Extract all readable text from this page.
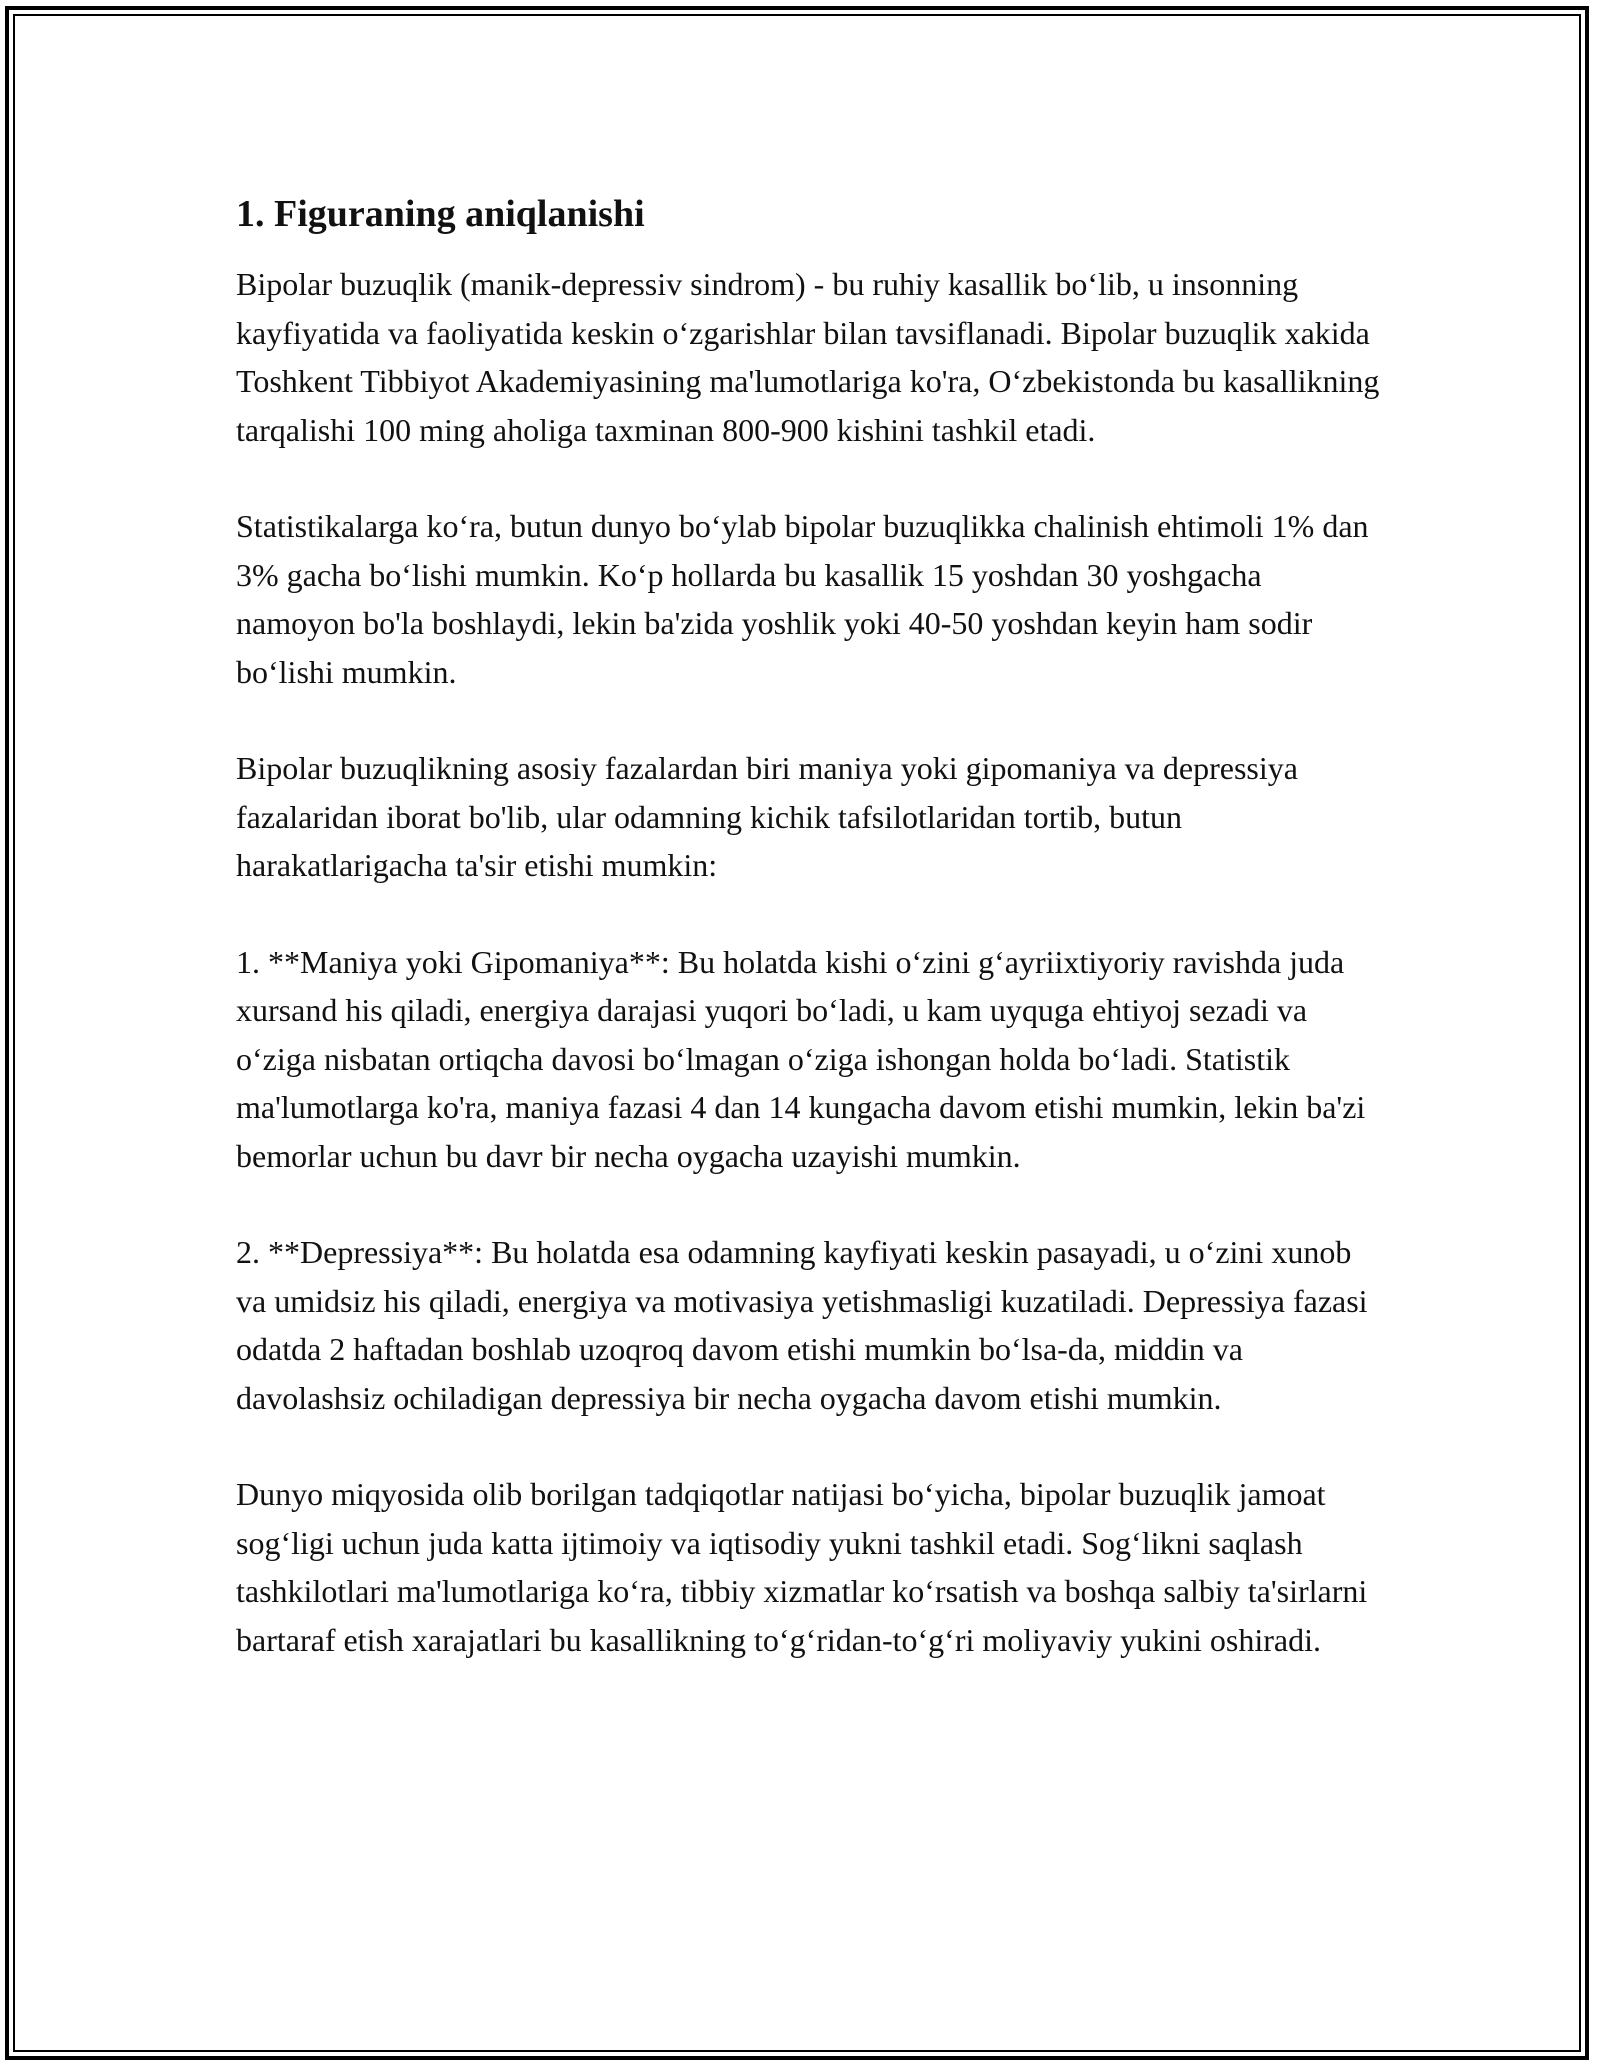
1. Figuraning aniqlanishi

Bipolar buzuqlik (manik-depressiv sindrom) - bu ruhiy kasallik bo‘lib, u insonning kayfiyatida va faoliyatida keskin o‘zgarishlar bilan tavsiflanadi. Bipolar buzuqlik xakida Toshkent Tibbiyot Akademiyasining ma'lumotlariga ko'ra, O‘zbekistonda bu kasallikning tarqalishi 100 ming aholiga taxminan 800-900 kishini tashkil etadi.

Statistikalarga ko‘ra, butun dunyo bo‘ylab bipolar buzuqlikka chalinish ehtimoli 1% dan 3% gacha bo‘lishi mumkin. Ko‘p hollarda bu kasallik 15 yoshdan 30 yoshgacha namoyon bo'la boshlaydi, lekin ba'zida yoshlik yoki 40-50 yoshdan keyin ham sodir bo‘lishi mumkin.

Bipolar buzuqlikning asosiy fazalardan biri maniya yoki gipomaniya va depressiya fazalaridan iborat bo'lib, ular odamning kichik tafsilotlaridan tortib, butun harakatlarigacha ta'sir etishi mumkin:

1. **Maniya yoki Gipomaniya**: Bu holatda kishi o‘zini g‘ayriixtiyoriy ravishda juda xursand his qiladi, energiya darajasi yuqori bo‘ladi, u kam uyquga ehtiyoj sezadi va o‘ziga nisbatan ortiqcha davosi bo‘lmagan o‘ziga ishongan holda bo‘ladi. Statistik ma'lumotlarga ko'ra, maniya fazasi 4 dan 14 kungacha davom etishi mumkin, lekin ba'zi bemorlar uchun bu davr bir necha oygacha uzayishi mumkin.

2. **Depressiya**: Bu holatda esa odamning kayfiyati keskin pasayadi, u o‘zini xunob va umidsiz his qiladi, energiya va motivasiya yetishmasligi kuzatiladi. Depressiya fazasi odatda 2 haftadan boshlab uzoqroq davom etishi mumkin bo‘lsa-da, middin va davolashsiz ochiladigan depressiya bir necha oygacha davom etishi mumkin.

Dunyo miqyosida olib borilgan tadqiqotlar natijasi bo‘yicha, bipolar buzuqlik jamoat sog‘ligi uchun juda katta ijtimoiy va iqtisodiy yukni tashkil etadi. Sog‘likni saqlash tashkilotlari ma'lumotlariga ko‘ra, tibbiy xizmatlar ko‘rsatish va boshqa salbiy ta'sirlarni bartaraf etish xarajatlari bu kasallikning to‘g‘ridan-to‘g‘ri moliyaviy yukini oshiradi.
